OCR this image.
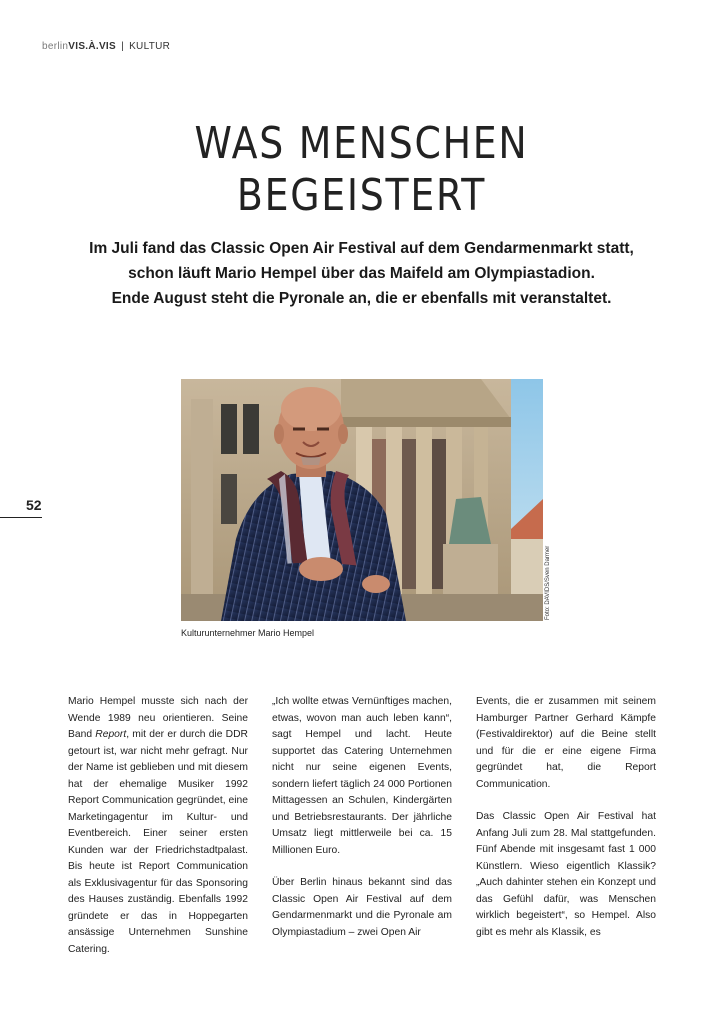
berlinVIS.À.VIS | KULTUR
WAS MENSCHEN
BEGEISTERT
Im Juli fand das Classic Open Air Festival auf dem Gendarmenmarkt statt,
schon läuft Mario Hempel über das Maifeld am Olympiastadion.
Ende August steht die Pyronale an, die er ebenfalls mit veranstaltet.
52
Foto: DAVIDS/Sven Darmer
Kulturunternehmer Mario Hempel

Mario Hempel musste sich nach der Wende 1989 neu orientieren. Seine Band Report, mit der er durch die DDR getourt ist, war nicht mehr gefragt. Nur der Name ist geblieben und mit diesem hat der ehemalige Musiker 1992 Report Communication gegründet, eine Marketingagentur im Kultur- und Eventbereich. Einer seiner ersten Kunden war der Friedrichstadtpalast. Bis heute ist Report Communication als Exklusivagentur für das Sponsoring des Hauses zuständig. Ebenfalls 1992 gründete er das in Hoppegarten ansässige Unternehmen Sunshine Catering.

„Ich wollte etwas Vernünftiges machen, etwas, wovon man auch leben kann“, sagt Hempel und lacht. Heute supportet das Catering Unternehmen nicht nur seine eigenen Events, sondern liefert täglich 24 000 Portionen Mittagessen an Schulen, Kindergärten und Betriebsrestaurants. Der jährliche Umsatz liegt mittlerweile bei ca. 15 Millionen Euro.

Über Berlin hinaus bekannt sind das Classic Open Air Festival auf dem Gendarmenmarkt und die Pyronale am Olympiastadium – zwei Open Air

Events, die er zusammen mit seinem Hamburger Partner Gerhard Kämpfe (Festivaldirektor) auf die Beine stellt und für die er eine eigene Firma gegründet hat, die Report Communication.

Das Classic Open Air Festival hat Anfang Juli zum 28. Mal stattgefunden. Fünf Abende mit insgesamt fast 1 000 Künstlern. Wieso eigentlich Klassik? „Auch dahinter stehen ein Konzept und das Gefühl dafür, was Menschen wirklich begeistert“, so Hempel. Also gibt es mehr als Klassik, es
